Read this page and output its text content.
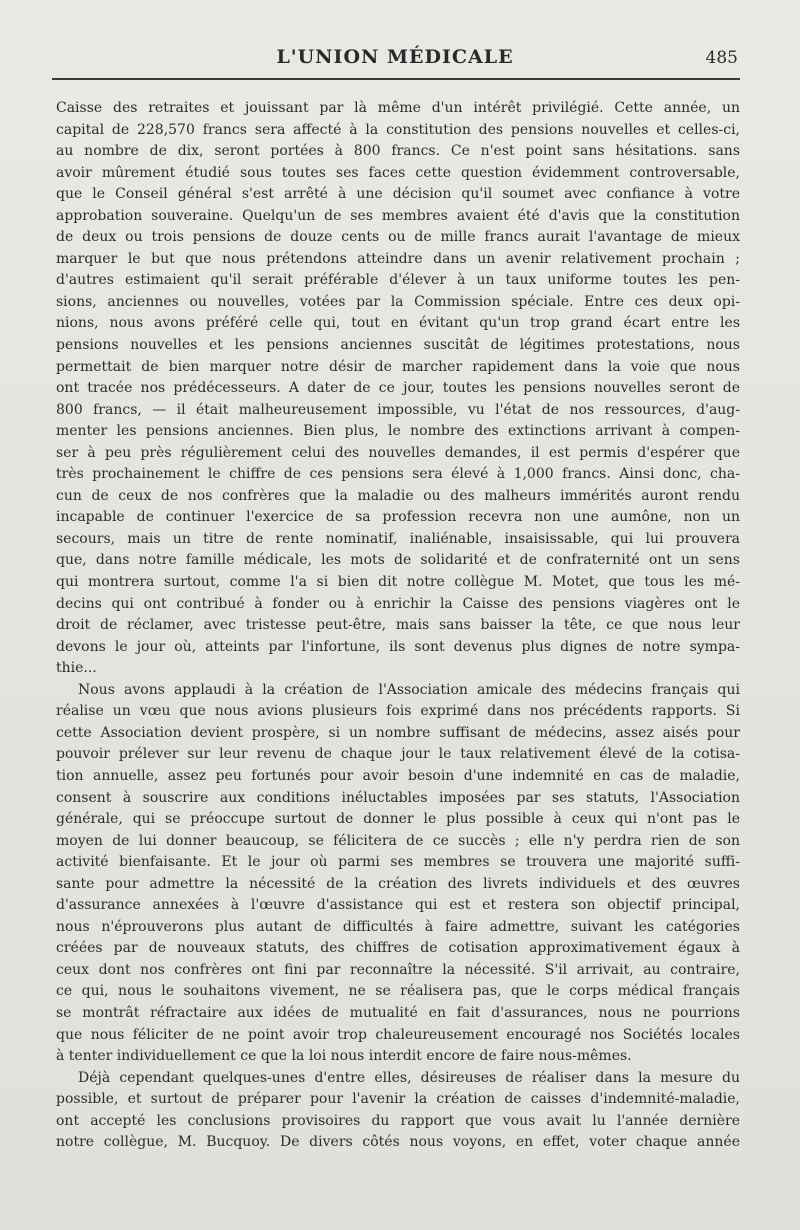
L'UNION MÉDICALE	485
Caisse des retraites et jouissant par là même d'un intérêt privilégié. Cette année, un
capital de 228,570 francs sera affecté à la constitution des pensions nouvelles et celles-ci,
au nombre de dix, seront portées à 800 francs. Ce n'est point sans hésitations. sans
avoir mûrement étudié sous toutes ses faces cette question évidemment controversable,
que le Conseil général s'est arrêté à une décision qu'il soumet avec confiance à votre
approbation souveraine. Quelqu'un de ses membres avaient été d'avis que la constitution
de deux ou trois pensions de douze cents ou de mille francs aurait l'avantage de mieux
marquer le but que nous prétendons atteindre dans un avenir relativement prochain ;
d'autres estimaient qu'il serait préférable d'élever à un taux uniforme toutes les pen-
sions, anciennes ou nouvelles, votées par la Commission spéciale. Entre ces deux opi-
nions, nous avons préféré celle qui, tout en évitant qu'un trop grand écart entre les
pensions nouvelles et les pensions anciennes suscitât de légitimes protestations, nous
permettait de bien marquer notre désir de marcher rapidement dans la voie que nous
ont tracée nos prédécesseurs. A dater de ce jour, toutes les pensions nouvelles seront de
800 francs, — il était malheureusement impossible, vu l'état de nos ressources, d'aug-
menter les pensions anciennes. Bien plus, le nombre des extinctions arrivant à compen-
ser à peu près régulièrement celui des nouvelles demandes, il est permis d'espérer que
très prochainement le chiffre de ces pensions sera élevé à 1,000 francs. Ainsi donc, cha-
cun de ceux de nos confrères que la maladie ou des malheurs immérités auront rendu
incapable de continuer l'exercice de sa profession recevra non une aumône, non un
secours, mais un titre de rente nominatif, inaliénable, insaisissable, qui lui prouvera
que, dans notre famille médicale, les mots de solidarité et de confraternité ont un sens
qui montrera surtout, comme l'a si bien dit notre collègue M. Motet, que tous les mé-
decins qui ont contribué à fonder ou à enrichir la Caisse des pensions viagères ont le
droit de réclamer, avec tristesse peut-être, mais sans baisser la tête, ce que nous leur
devons le jour où, atteints par l'infortune, ils sont devenus plus dignes de notre sympa-
thie...
Nous avons applaudi à la création de l'Association amicale des médecins français qui
réalise un vœu que nous avions plusieurs fois exprimé dans nos précédents rapports. Si
cette Association devient prospère, si un nombre suffisant de médecins, assez aisés pour
pouvoir prélever sur leur revenu de chaque jour le taux relativement élevé de la cotisa-
tion annuelle, assez peu fortunés pour avoir besoin d'une indemnité en cas de maladie,
consent à souscrire aux conditions inéluctables imposées par ses statuts, l'Association
générale, qui se préoccupe surtout de donner le plus possible à ceux qui n'ont pas le
moyen de lui donner beaucoup, se félicitera de ce succès ; elle n'y perdra rien de son
activité bienfaisante. Et le jour où parmi ses membres se trouvera une majorité suffi-
sante pour admettre la nécessité de la création des livrets individuels et des œuvres
d'assurance annexées à l'œuvre d'assistance qui est et restera son objectif principal,
nous n'éprouverons plus autant de difficultés à faire admettre, suivant les catégories
créées par de nouveaux statuts, des chiffres de cotisation approximativement égaux à
ceux dont nos confrères ont fini par reconnaître la nécessité. S'il arrivait, au contraire,
ce qui, nous le souhaitons vivement, ne se réalisera pas, que le corps médical français
se montrât réfractaire aux idées de mutualité en fait d'assurances, nous ne pourrions
que nous féliciter de ne point avoir trop chaleureusement encouragé nos Sociétés locales
à tenter individuellement ce que la loi nous interdit encore de faire nous-mêmes.
Déjà cependant quelques-unes d'entre elles, désireuses de réaliser dans la mesure du
possible, et surtout de préparer pour l'avenir la création de caisses d'indemnité-maladie,
ont accepté les conclusions provisoires du rapport que vous avait lu l'année dernière
notre collègue, M. Bucquoy. De divers côtés nous voyons, en effet, voter chaque année
